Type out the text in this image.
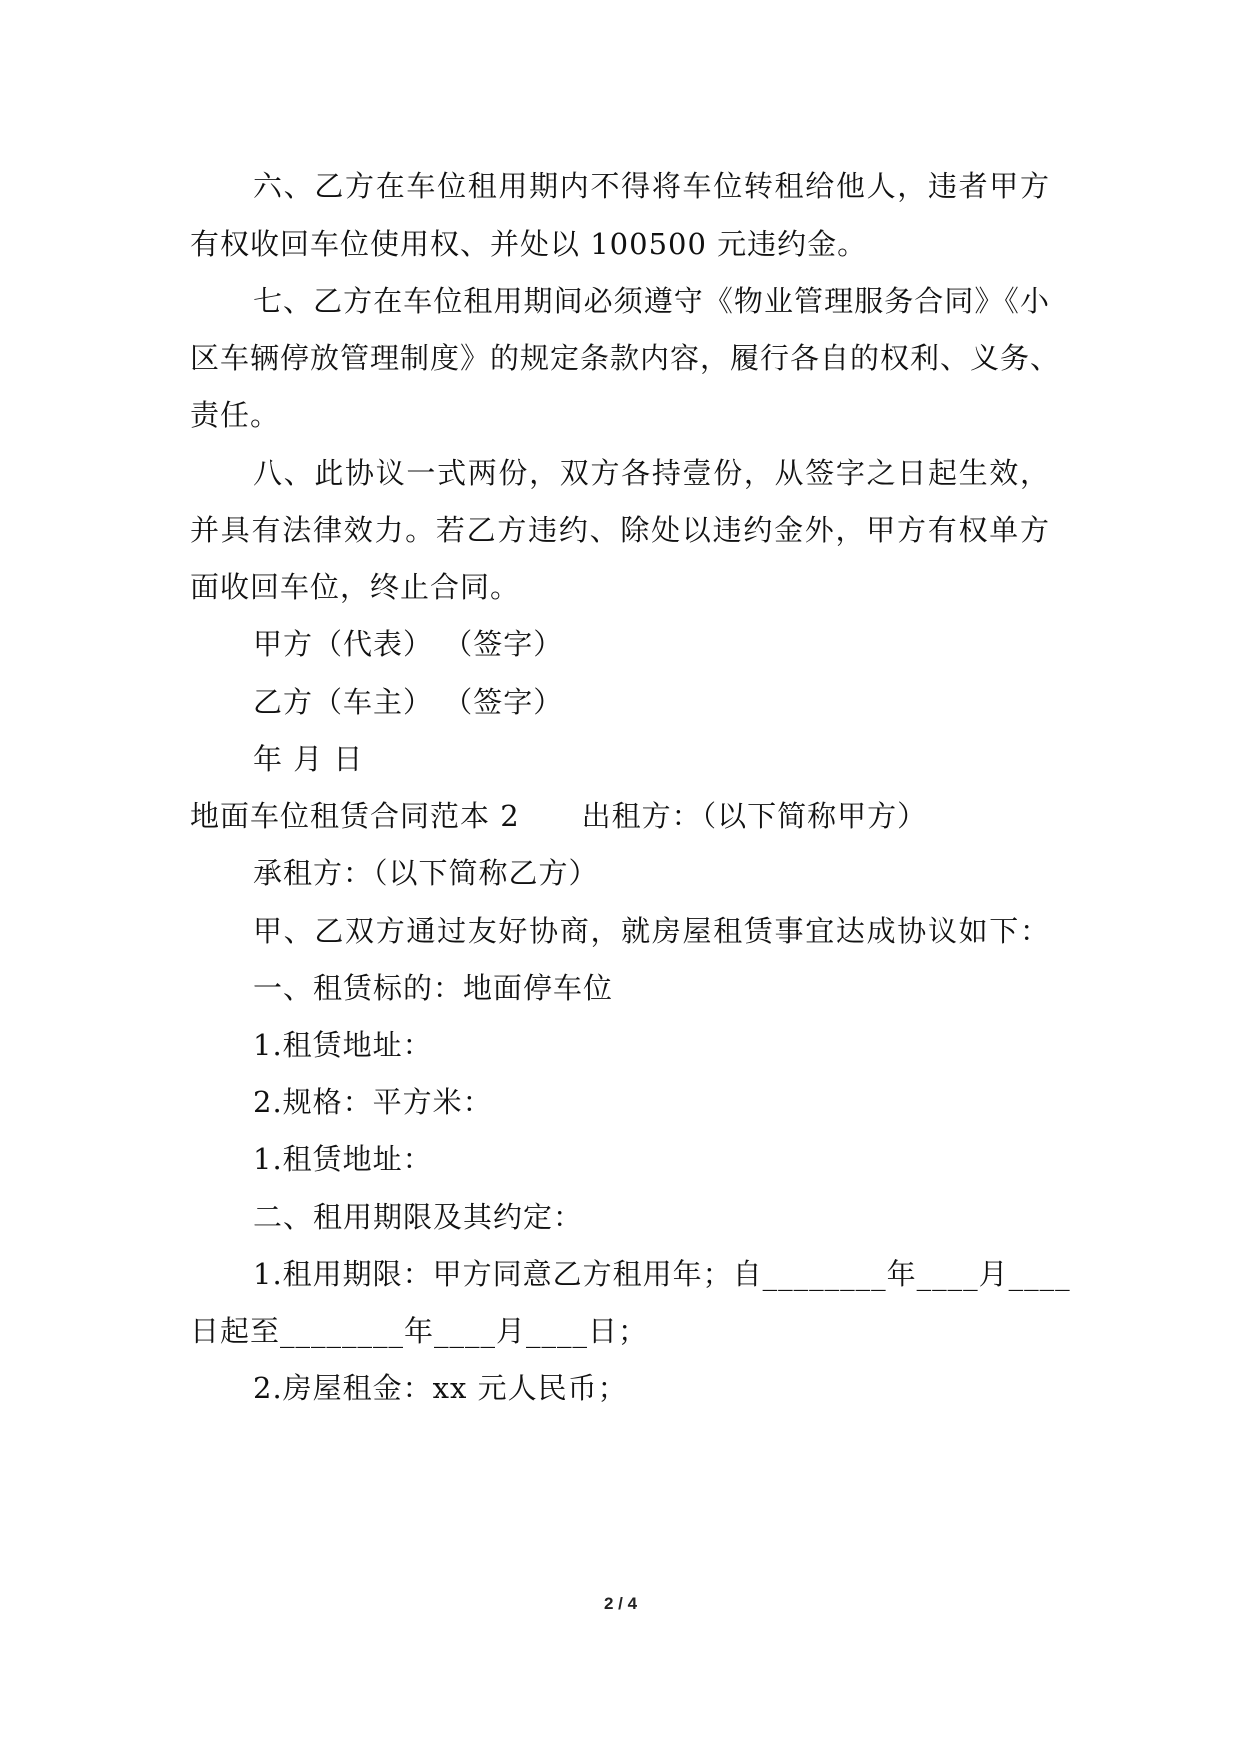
六、乙方在车位租用期内不得将车位转租给他人，违者甲方
有权收回车位使用权、并处以 100500 元违约金。
七、乙方在车位租用期间必须遵守《物业管理服务合同》《小
区车辆停放管理制度》的规定条款内容，履行各自的权利、义务、
责任。
八、此协议一式两份，双方各持壹份，从签字之日起生效，
并具有法律效力。若乙方违约、除处以违约金外，甲方有权单方
面收回车位，终止合同。
甲方（代表） （签字）
乙方（车主） （签字）
年 月 日
地面车位租赁合同范本 2 出租方：（以下简称甲方）
承租方：（以下简称乙方）
甲、乙双方通过友好协商，就房屋租赁事宜达成协议如下：
一、租赁标的：地面停车位
1.租赁地址：
2.规格：平方米：
1.租赁地址：
二、租用期限及其约定：
1.租用期限：甲方同意乙方租用年；自________年____月____
日起至________年____月____日；
2.房屋租金：xx 元人民币；
2 / 4
